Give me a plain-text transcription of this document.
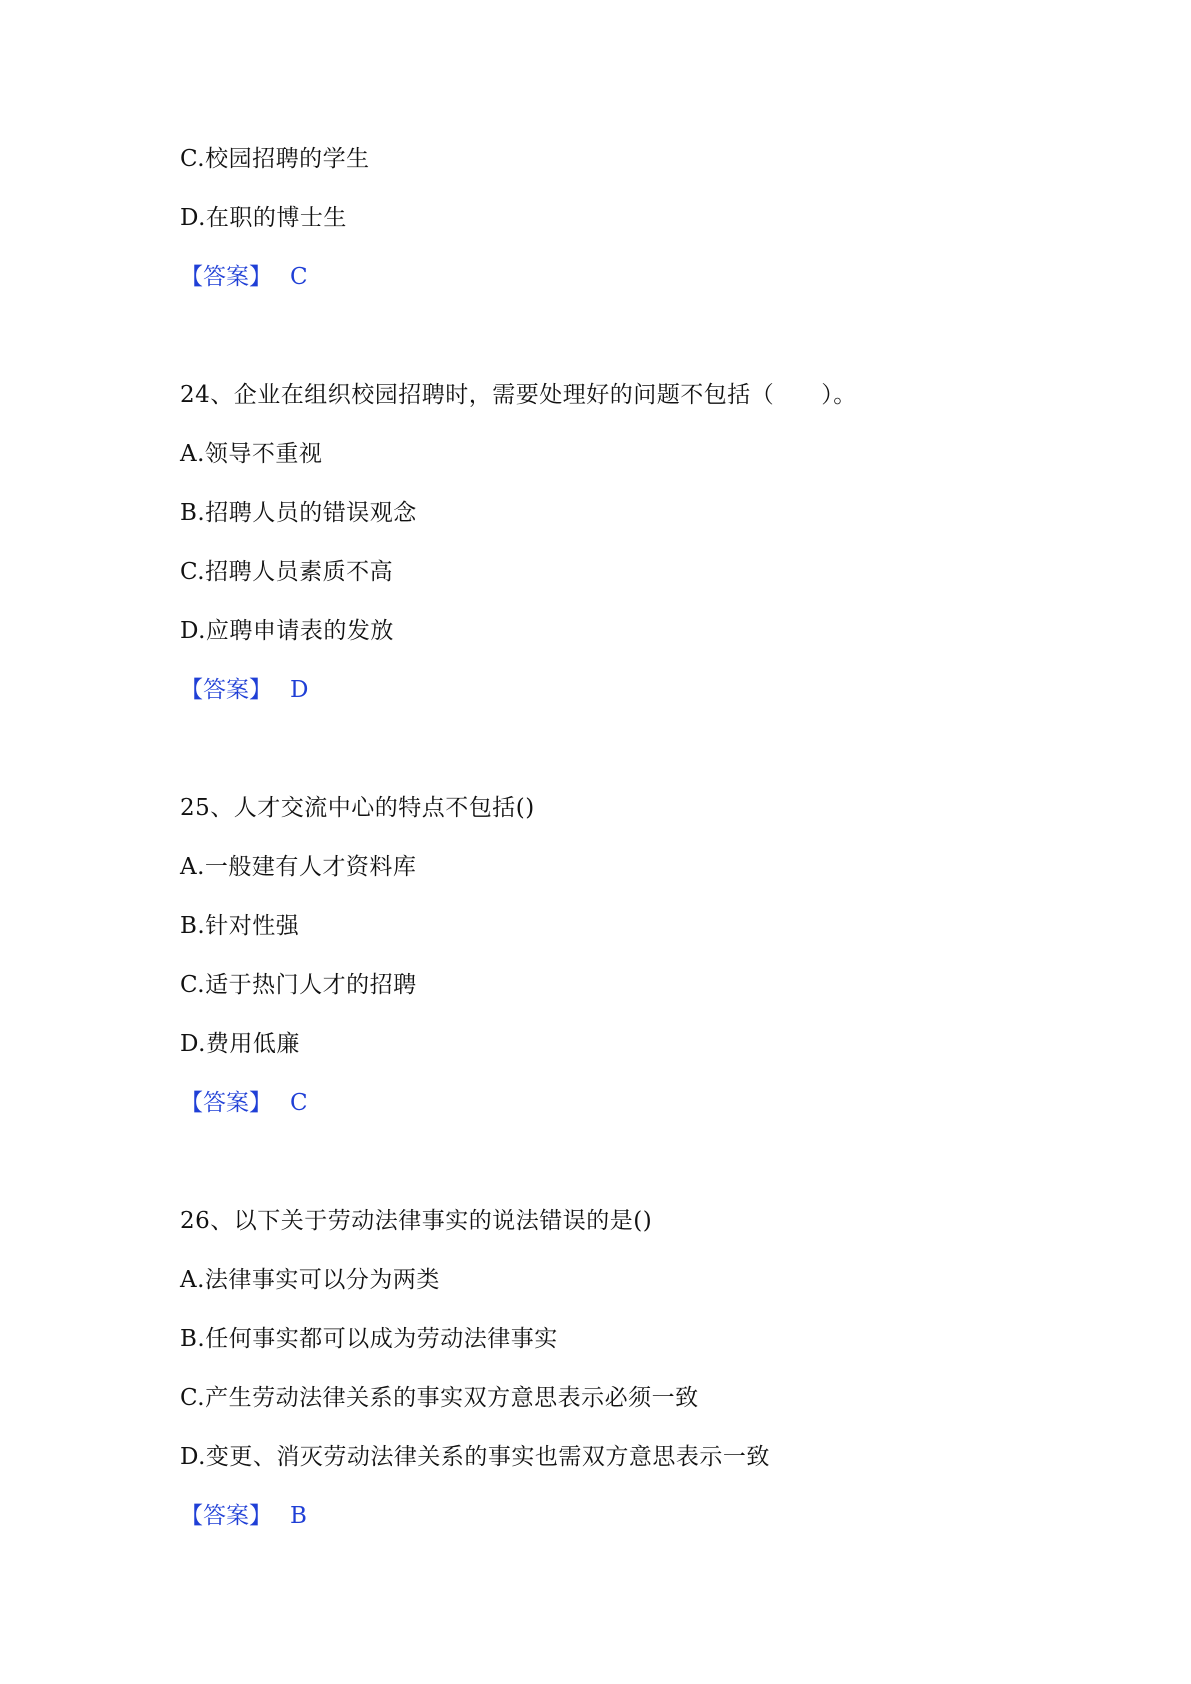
C.校园招聘的学生
D.在职的博士生
【答案】 C
24、企业在组织校园招聘时，需要处理好的问题不包括（　　）。
A.领导不重视
B.招聘人员的错误观念
C.招聘人员素质不高
D.应聘申请表的发放
【答案】 D
25、人才交流中心的特点不包括()
A.一般建有人才资料库
B.针对性强
C.适于热门人才的招聘
D.费用低廉
【答案】 C
26、以下关于劳动法律事实的说法错误的是()
A.法律事实可以分为两类
B.任何事实都可以成为劳动法律事实
C.产生劳动法律关系的事实双方意思表示必须一致
D.变更、消灭劳动法律关系的事实也需双方意思表示一致
【答案】 B
